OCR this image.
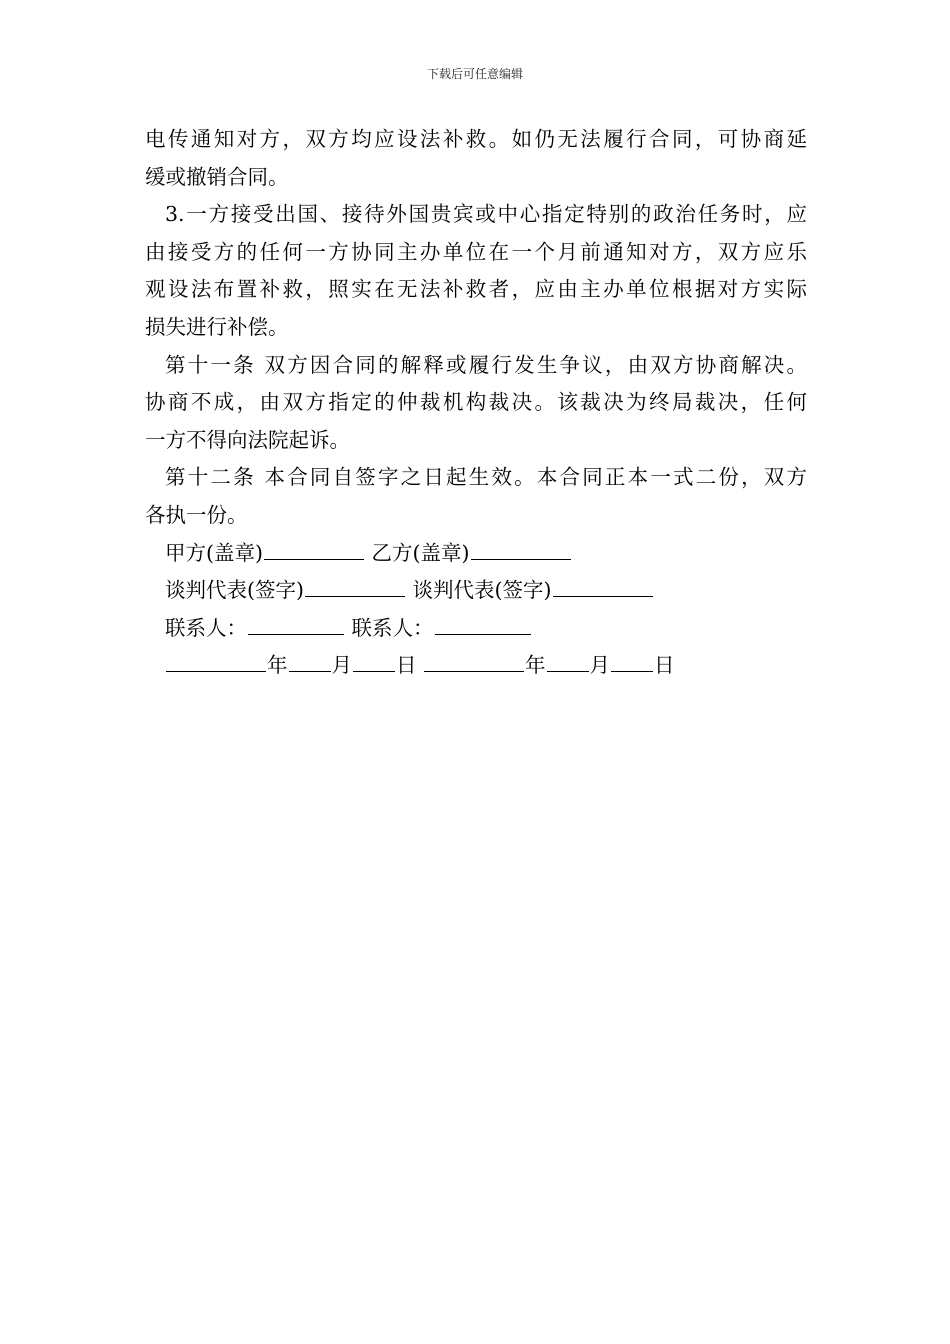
下载后可任意编辑
电传通知对方，双方均应设法补救。如仍无法履行合同，可协商延
缓或撤销合同。
3.一方接受出国、接待外国贵宾或中心指定特别的政治任务时，应
由接受方的任何一方协同主办单位在一个月前通知对方，双方应乐
观设法布置补救，照实在无法补救者，应由主办单位根据对方实际
损失进行补偿。
第十一条 双方因合同的解释或履行发生争议，由双方协商解决。
协商不成，由双方指定的仲裁机构裁决。该裁决为终局裁决，任何
一方不得向法院起诉。
第十二条 本合同自签字之日起生效。本合同正本一式二份，双方
各执一份。
甲方(盖章)	乙方(盖章)
谈判代表(签字)	谈判代表(签字)
联系人：	联系人：
年 月 日	年 月 日
